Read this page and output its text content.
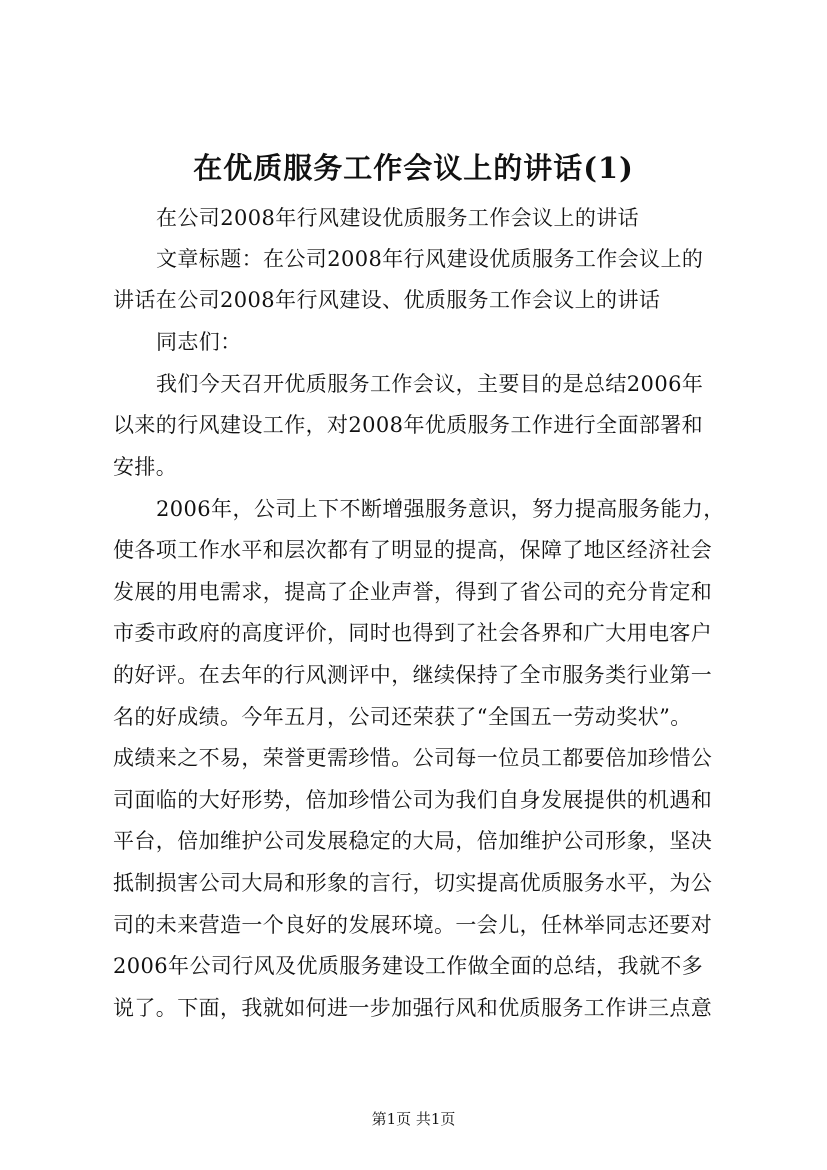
在优质服务工作会议上的讲话(1)
在公司2008年行风建设优质服务工作会议上的讲话
文章标题：在公司2008年行风建设优质服务工作会议上的
讲话在公司2008年行风建设、优质服务工作会议上的讲话
同志们：
我们今天召开优质服务工作会议，主要目的是总结2006年
以来的行风建设工作，对2008年优质服务工作进行全面部署和
安排。
2006年，公司上下不断增强服务意识，努力提高服务能力，
使各项工作水平和层次都有了明显的提高，保障了地区经济社会
发展的用电需求，提高了企业声誉，得到了省公司的充分肯定和
市委市政府的高度评价，同时也得到了社会各界和广大用电客户
的好评。在去年的行风测评中，继续保持了全市服务类行业第一
名的好成绩。今年五月，公司还荣获了“全国五一劳动奖状”。
成绩来之不易，荣誉更需珍惜。公司每一位员工都要倍加珍惜公
司面临的大好形势，倍加珍惜公司为我们自身发展提供的机遇和
平台，倍加维护公司发展稳定的大局，倍加维护公司形象，坚决
抵制损害公司大局和形象的言行，切实提高优质服务水平，为公
司的未来营造一个良好的发展环境。一会儿，任林举同志还要对
2006年公司行风及优质服务建设工作做全面的总结，我就不多
说了。下面，我就如何进一步加强行风和优质服务工作讲三点意
第1页 共1页
